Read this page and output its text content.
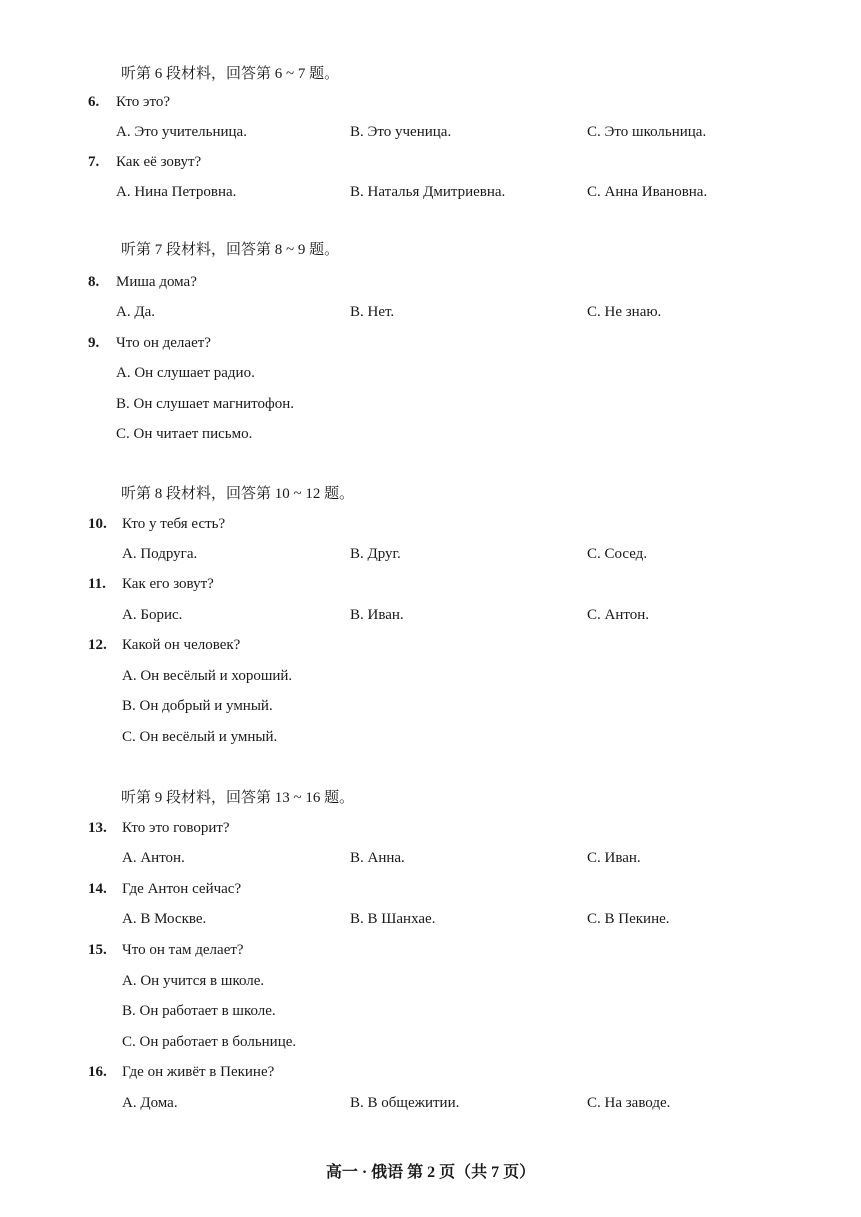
听第 6 段材料，回答第 6 ~ 7 题。
6. Кто это?
A. Это учительница.	B. Это ученица.	C. Это школьница.
7. Как её зовут?
A. Нина Петровна.	B. Наталья Дмитриевна.	C. Анна Ивановна.
听第 7 段材料，回答第 8 ~ 9 题。
8. Миша дома?
A. Да.	B. Нет.	C. Не знаю.
9. Что он делает?
A. Он слушает радио.
B. Он слушает магнитофон.
C. Он читает письмо.
听第 8 段材料，回答第 10 ~ 12 题。
10. Кто у тебя есть?
A. Подруга.	B. Друг.	C. Сосед.
11. Как его зовут?
A. Борис.	B. Иван.	C. Антон.
12. Какой он человек?
A. Он весёлый и хороший.
B. Он добрый и умный.
C. Он весёлый и умный.
听第 9 段材料，回答第 13 ~ 16 题。
13. Кто это говорит?
A. Антон.	B. Анна.	C. Иван.
14. Где Антон сейчас?
A. В Москве.	B. В Шанхае.	C. В Пекине.
15. Что он там делает?
A. Он учится в школе.
B. Он работает в школе.
C. Он работает в больнице.
16. Где он живёт в Пекине?
A. Дома.	B. В общежитии.	C. На заводе.
高一 · 俄语 第 2 页（共 7 页）
